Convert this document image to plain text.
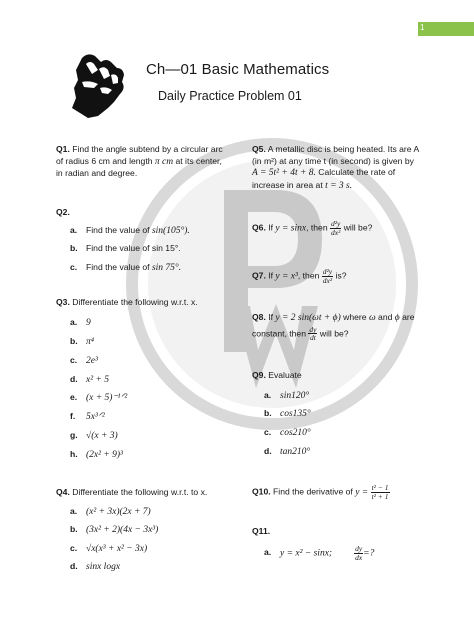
1
Ch—01 Basic Mathematics
Daily Practice Problem 01
Q1. Find the angle subtend by a circular arc
of radius 6 cm and length π cm at its center,
in radian and degree.
Q2.
a. Find the value of sin(105°).
b. Find the value of sin 15°.
c. Find the value of sin 75°.
Q3. Differentiate the following w.r.t. x.
a. 9
b. π⁴
c. 2e³
d. x² + 5
e. (x + 5)⁻¹ᐟ²
f. 5x³ᐟ²
g. √(x + 3)
h. (2x² + 9)³
Q4. Differentiate the following w.r.t. to x.
a. (x² + 3x)(2x + 7)
b. (3x² + 2)(4x − 3x³)
c. √x(x³ + x² − 3x)
d. sinx logx
Q5. A metallic disc is being heated. Its are A
(in m²) at any time t (in second) is given by
A = 5t² + 4t + 8. Calculate the rate of
increase in area at t = 3 s.
Q6. If y = sinx, then $\frac{\text{d²y}}{\text{dx²}}$ will be?
Q7. If y = x³, then $\frac{\text{d²y}}{\text{dx²}}$ is?
Q8. If y = 2 sin(ωt + ϕ) where ω and ϕ are
constant, then $\frac{dy}{dt}$ will be?
Q9. Evaluate
a. sin120°
b. cos135°
c. cos210°
d. tan210°
Q10. Find the derivative of $y = \frac{\text{t² − 1}}{\text{t² + 1}}$
Q11.
a. y = x² − sinx;	$\frac{dy}{dx}$ =?
